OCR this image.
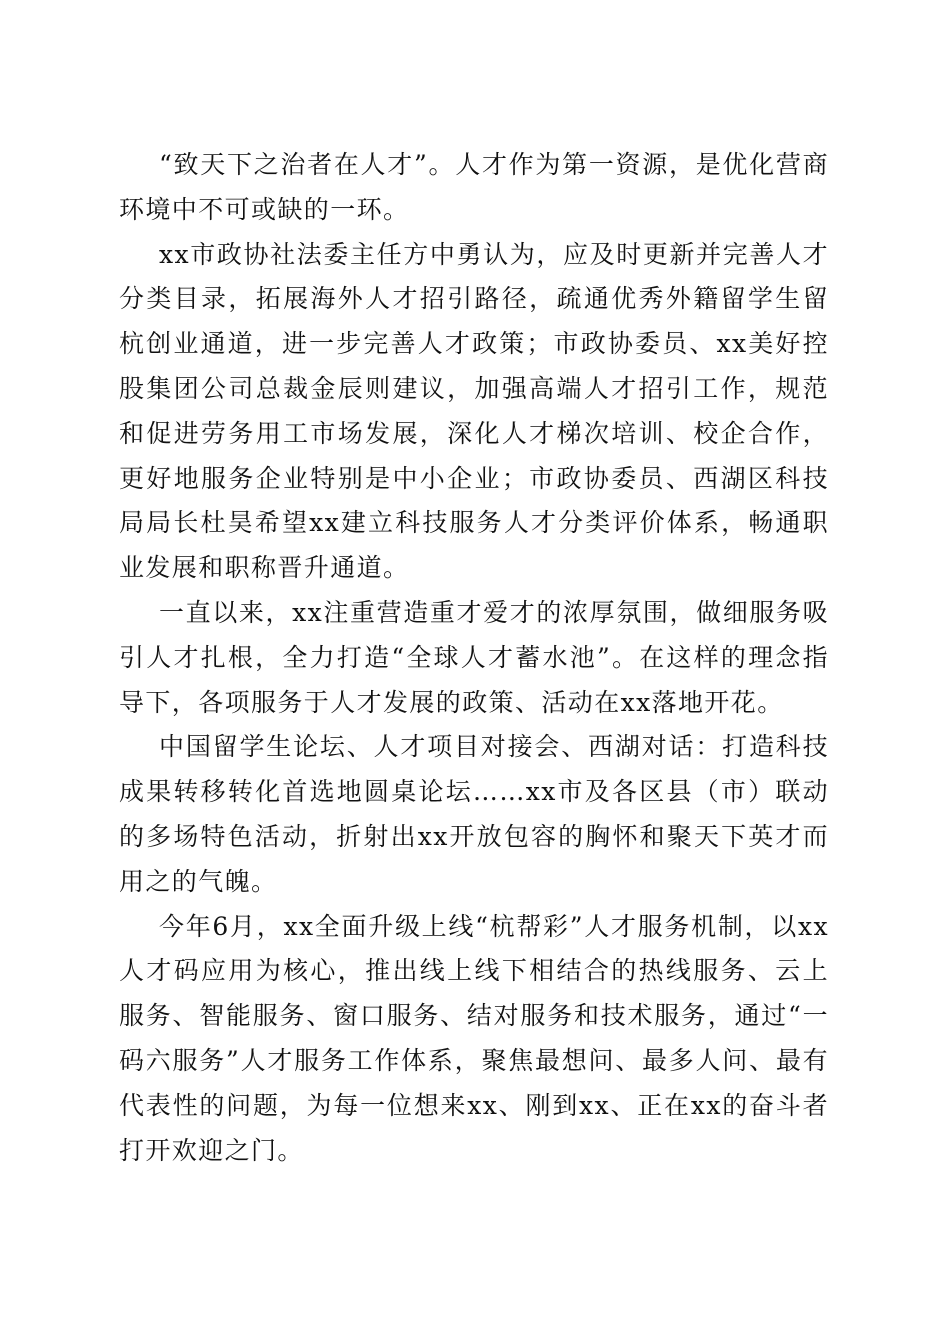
“致天下之治者在人才”。人才作为第一资源，是优化营商环境中不可或缺的一环。

xx市政协社法委主任方中勇认为，应及时更新并完善人才分类目录，拓展海外人才招引路径，疏通优秀外籍留学生留杭创业通道，进一步完善人才政策；市政协委员、xx美好控股集团公司总裁金辰则建议，加强高端人才招引工作，规范和促进劳务用工市场发展，深化人才梯次培训、校企合作，更好地服务企业特别是中小企业；市政协委员、西湖区科技局局长杜昊希望xx建立科技服务人才分类评价体系，畅通职业发展和职称晋升通道。

一直以来，xx注重营造重才爱才的浓厚氛围，做细服务吸引人才扎根，全力打造“全球人才蓄水池”。在这样的理念指导下，各项服务于人才发展的政策、活动在xx落地开花。

中国留学生论坛、人才项目对接会、西湖对话：打造科技成果转移转化首选地圆桌论坛……xx市及各区县（市）联动的多场特色活动，折射出xx开放包容的胸怀和聚天下英才而用之的气魄。

今年6月，xx全面升级上线“杭帮彩”人才服务机制，以xx人才码应用为核心，推出线上线下相结合的热线服务、云上服务、智能服务、窗口服务、结对服务和技术服务，通过“一码六服务”人才服务工作体系，聚焦最想问、最多人问、最有代表性的问题，为每一位想来xx、刚到xx、正在xx的奋斗者打开欢迎之门。
